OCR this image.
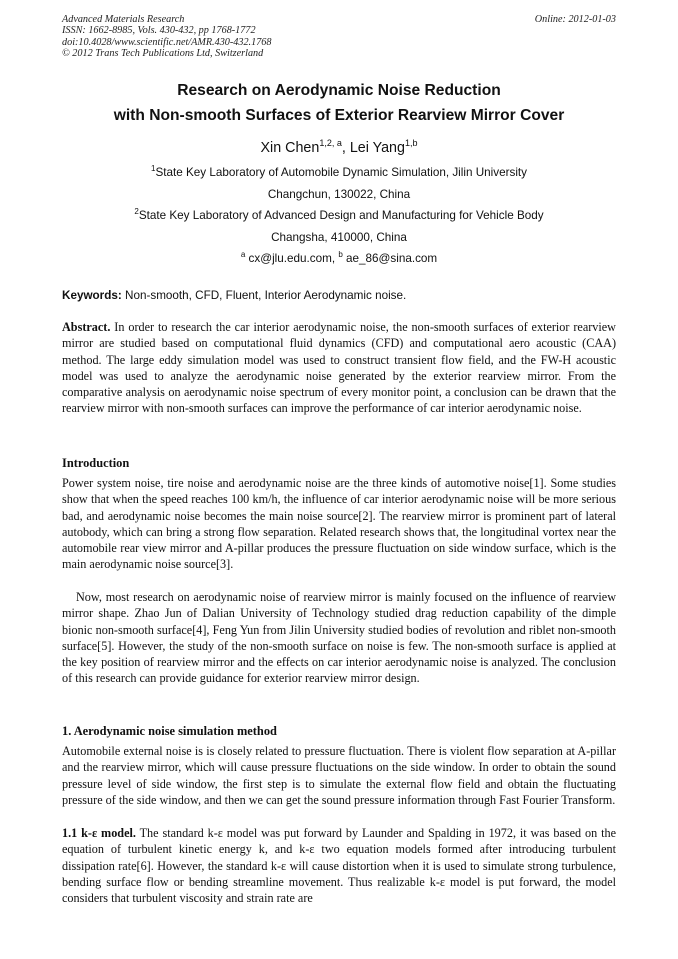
Advanced Materials Research
ISSN: 1662-8985, Vols. 430-432, pp 1768-1772
doi:10.4028/www.scientific.net/AMR.430-432.1768
© 2012 Trans Tech Publications Ltd, Switzerland
Online: 2012-01-03
Research on Aerodynamic Noise Reduction
with Non-smooth Surfaces of Exterior Rearview Mirror Cover
Xin Chen$^{1,2, a}$, Lei Yang$^{1,b}$
$^1$State Key Laboratory of Automobile Dynamic Simulation, Jilin University
Changchun, 130022, China
$^2$State Key Laboratory of Advanced Design and Manufacturing for Vehicle Body
Changsha, 410000, China
$^a$ cx@jlu.edu.com, $^b$ ae_86@sina.com
Keywords: Non-smooth, CFD, Fluent, Interior Aerodynamic noise.

Abstract. In order to research the car interior aerodynamic noise, the non-smooth surfaces of exterior rearview mirror are studied based on computational fluid dynamics (CFD) and computational aero acoustic (CAA) method. The large eddy simulation model was used to construct transient flow field, and the FW-H acoustic model was used to analyze the aerodynamic noise generated by the exterior rearview mirror. From the comparative analysis on aerodynamic noise spectrum of every monitor point, a conclusion can be drawn that the rearview mirror with non-smooth surfaces can improve the performance of car interior aerodynamic noise.

Introduction

Power system noise, tire noise and aerodynamic noise are the three kinds of automotive noise[1]. Some studies show that when the speed reaches 100 km/h, the influence of car interior aerodynamic noise will be more serious bad, and aerodynamic noise becomes the main noise source[2]. The rearview mirror is prominent part of lateral autobody, which can bring a strong flow separation. Related research shows that, the longitudinal vortex near the automobile rear view mirror and A-pillar produces the pressure fluctuation on side window surface, which is the main aerodynamic noise source[3].

Now, most research on aerodynamic noise of rearview mirror is mainly focused on the influence of rearview mirror shape. Zhao Jun of Dalian University of Technology studied drag reduction capability of the dimple bionic non-smooth surface[4], Feng Yun from Jilin University studied bodies of revolution and riblet non-smooth surface[5]. However, the study of the non-smooth surface on noise is few. The non-smooth surface is applied at the key position of rearview mirror and the effects on car interior aerodynamic noise is analyzed. The conclusion of this research can provide guidance for exterior rearview mirror design.

1. Aerodynamic noise simulation method

Automobile external noise is is closely related to pressure fluctuation. There is violent flow separation at A-pillar and the rearview mirror, which will cause pressure fluctuations on the side window. In order to obtain the sound pressure level of side window, the first step is to simulate the external flow field and obtain the fluctuating pressure of the side window, and then we can get the sound pressure information through Fast Fourier Transform.

1.1 k-ε model. The standard k-ε model was put forward by Launder and Spalding in 1972, it was based on the equation of turbulent kinetic energy k, and k-ε two equation models formed after introducing turbulent dissipation rate[6]. However, the standard k-ε will cause distortion when it is used to simulate strong turbulence, bending surface flow or bending streamline movement. Thus realizable k-ε model is put forward, the model considers that turbulent viscosity and strain rate are
